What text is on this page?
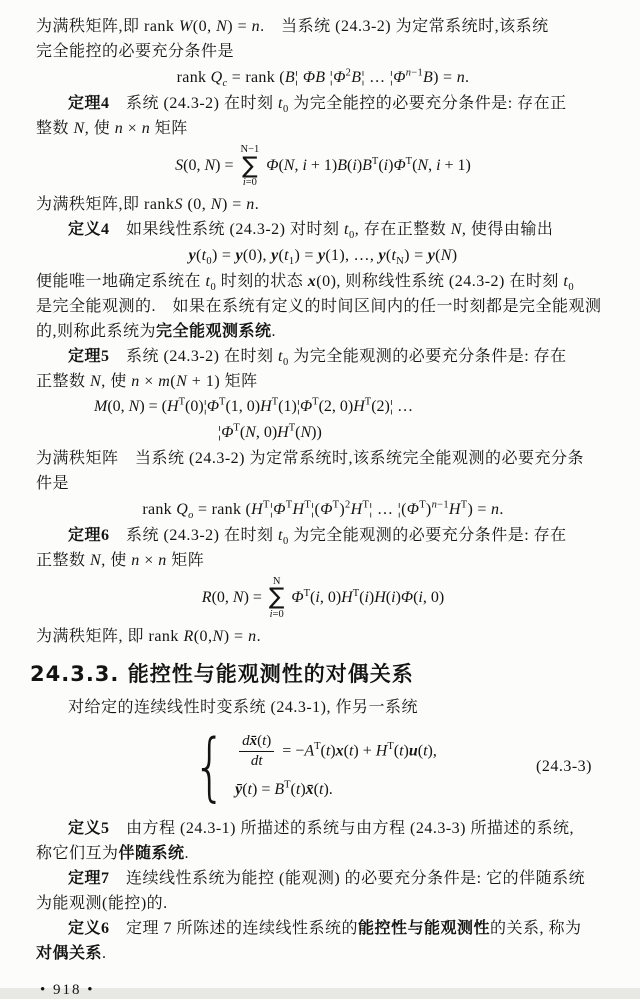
为满秩矩阵,即 rank W(0, N) = n.　当系统 (24.3-2) 为定常系统时,该系统
完全能控的必要充分条件是
rank $Q_c$ = rank (B¦ ΦB $¦\Phi^2B¦$ … $¦\Phi^{n-1}B) = n$.
定理4　系统 (24.3-2) 在时刻 $t_0$ 为完全能控的必要充分条件是: 存在正
整数 N, 使 n × n 矩阵
S(0, N) =
N−1
∑
i=0
Φ(N, $i + 1)B(i)B^T(i)\Phi^T(N$, i + 1)
为满秩矩阵,即 rankS (0, N) = n.
定义4　如果线性系统 (24.3-2) 对时刻 $t_0$, 存在正整数 N, 使得由输出
$y(t_0) = y(0)$, $y(t_1) = y(1)$, …, $y(t_N) = y(N)$
便能唯一地确定系统在 $t_0$ 时刻的状态 x(0), 则称线性系统 (24.3-2) 在时刻 $t_0$
是完全能观测的.　如果在系统有定义的时间区间内的任一时刻都是完全能观测
的,则称此系统为完全能观测系统.
定理5　系统 (24.3-2) 在时刻 $t_0$ 为完全能观测的必要充分条件是: 存在
正整数 N, 使 n × m(N + 1) 矩阵
M(0, $N) = (H^T(0)¦\Phi^T(1$, $0)H^T(1)¦\Phi^T(2$, $0)H^T(2)¦$ …
$¦\Phi^T(N$, $0)H^T(N)$)
为满秩矩阵　当系统 (24.3-2) 为定常系统时,该系统完全能观测的必要充分条
件是
rank $Q_o$ = rank ($H^T¦\Phi^TH^T¦(\Phi^T)^2H^T¦$ … $¦(\Phi^T)^{n-1}H^T) = n$.
定理6　系统 (24.3-2) 在时刻 $t_0$ 为完全能观测的必要充分条件是: 存在
正整数 N, 使 n × n 矩阵
R(0, N) =
N
∑
i=0
$\Phi^T(i$, $0)H^T(i)H(i)\Phi(i$, 0)
为满秩矩阵, 即 rank R(0,N) = n.
24.3.3. 能控性与能观测性的对偶关系
对给定的连续线性时变系统 (24.3-1), 作另一系统
{ $\frac{dx̄(t)}{dt} = -A^T(t)x(t) + H^T(t)u(t)$,
ȳ(t) = $B^T(t)x̄(t)$.
(24.3-3)
定义5　由方程 (24.3-1) 所描述的系统与由方程 (24.3-3) 所描述的系统,
称它们互为伴随系统.
定理7　连续线性系统为能控 (能观测) 的必要充分条件是: 它的伴随系统
为能观测(能控)的.
定义6　定理 7 所陈述的连续线性系统的能控性与能观测性的关系, 称为
对偶关系.
• 918 •
